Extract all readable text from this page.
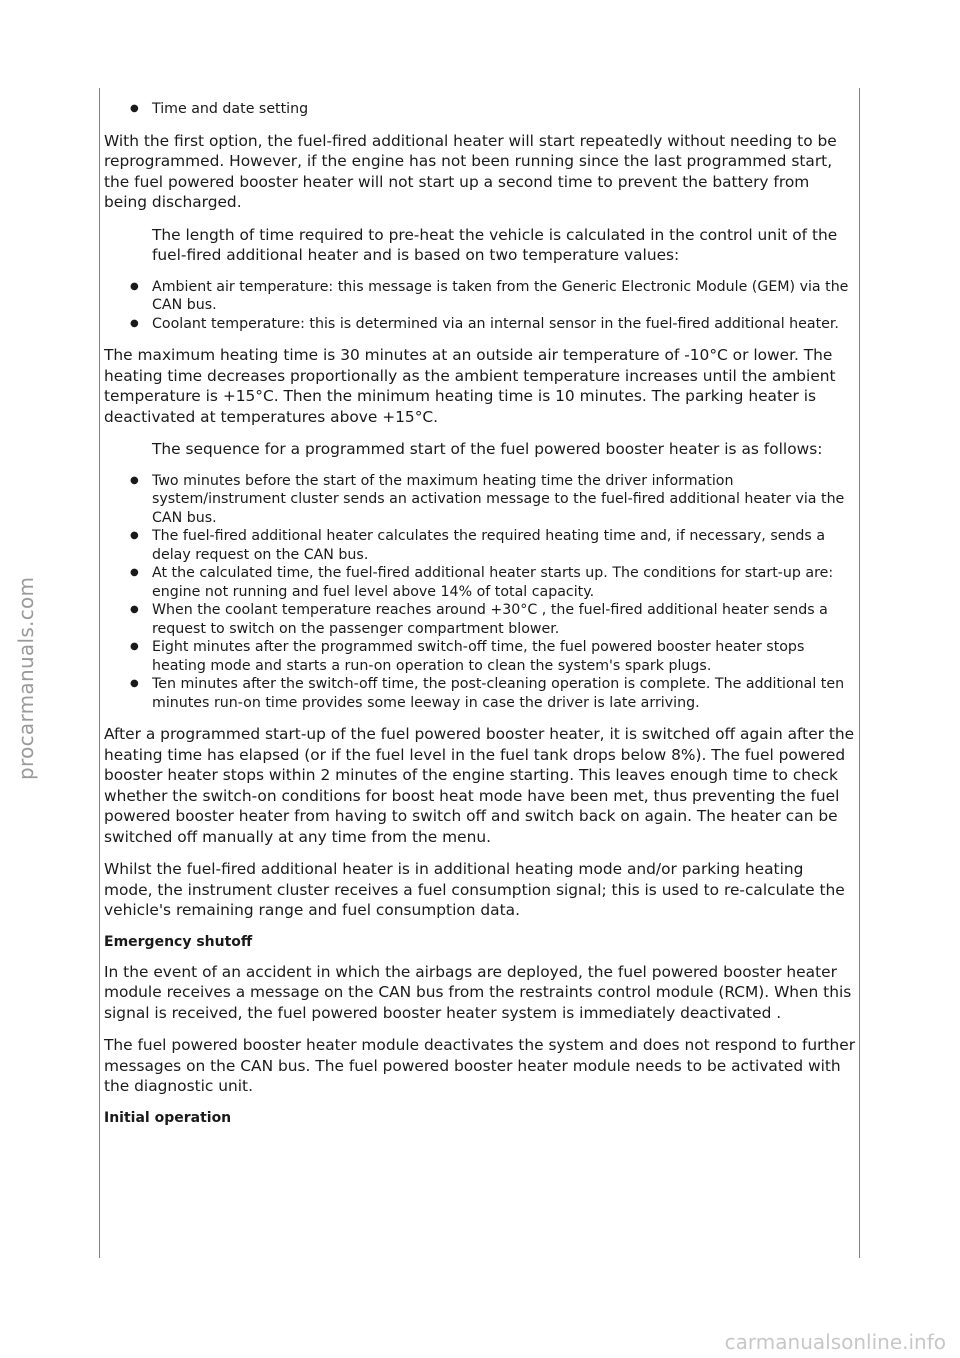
procarmanuals.com
● Time and date setting

With the first option, the fuel-fired additional heater will start repeatedly without needing to be reprogrammed. However, if the engine has not been running since the last programmed start, the fuel powered booster heater will not start up a second time to prevent the battery from being discharged.

The length of time required to pre-heat the vehicle is calculated in the control unit of the fuel-fired additional heater and is based on two temperature values:

● Ambient air temperature: this message is taken from the Generic Electronic Module (GEM) via the CAN bus.
● Coolant temperature: this is determined via an internal sensor in the fuel-fired additional heater.

The maximum heating time is 30 minutes at an outside air temperature of -10°C or lower. The heating time decreases proportionally as the ambient temperature increases until the ambient temperature is +15°C. Then the minimum heating time is 10 minutes. The parking heater is deactivated at temperatures above +15°C.

The sequence for a programmed start of the fuel powered booster heater is as follows:

● Two minutes before the start of the maximum heating time the driver information system/instrument cluster sends an activation message to the fuel-fired additional heater via the CAN bus.
● The fuel-fired additional heater calculates the required heating time and, if necessary, sends a delay request on the CAN bus.
● At the calculated time, the fuel-fired additional heater starts up. The conditions for start-up are: engine not running and fuel level above 14% of total capacity.
● When the coolant temperature reaches around +30°C , the fuel-fired additional heater sends a request to switch on the passenger compartment blower.
● Eight minutes after the programmed switch-off time, the fuel powered booster heater stops heating mode and starts a run-on operation to clean the system's spark plugs.
● Ten minutes after the switch-off time, the post-cleaning operation is complete. The additional ten minutes run-on time provides some leeway in case the driver is late arriving.

After a programmed start-up of the fuel powered booster heater, it is switched off again after the heating time has elapsed (or if the fuel level in the fuel tank drops below 8%). The fuel powered booster heater stops within 2 minutes of the engine starting. This leaves enough time to check whether the switch-on conditions for boost heat mode have been met, thus preventing the fuel powered booster heater from having to switch off and switch back on again. The heater can be switched off manually at any time from the menu.

Whilst the fuel-fired additional heater is in additional heating mode and/or parking heating mode, the instrument cluster receives a fuel consumption signal; this is used to re-calculate the vehicle's remaining range and fuel consumption data.

Emergency shutoff

In the event of an accident in which the airbags are deployed, the fuel powered booster heater module receives a message on the CAN bus from the restraints control module (RCM). When this signal is received, the fuel powered booster heater system is immediately deactivated .

The fuel powered booster heater module deactivates the system and does not respond to further messages on the CAN bus. The fuel powered booster heater module needs to be activated with the diagnostic unit.

Initial operation
carmanualsonline.info
